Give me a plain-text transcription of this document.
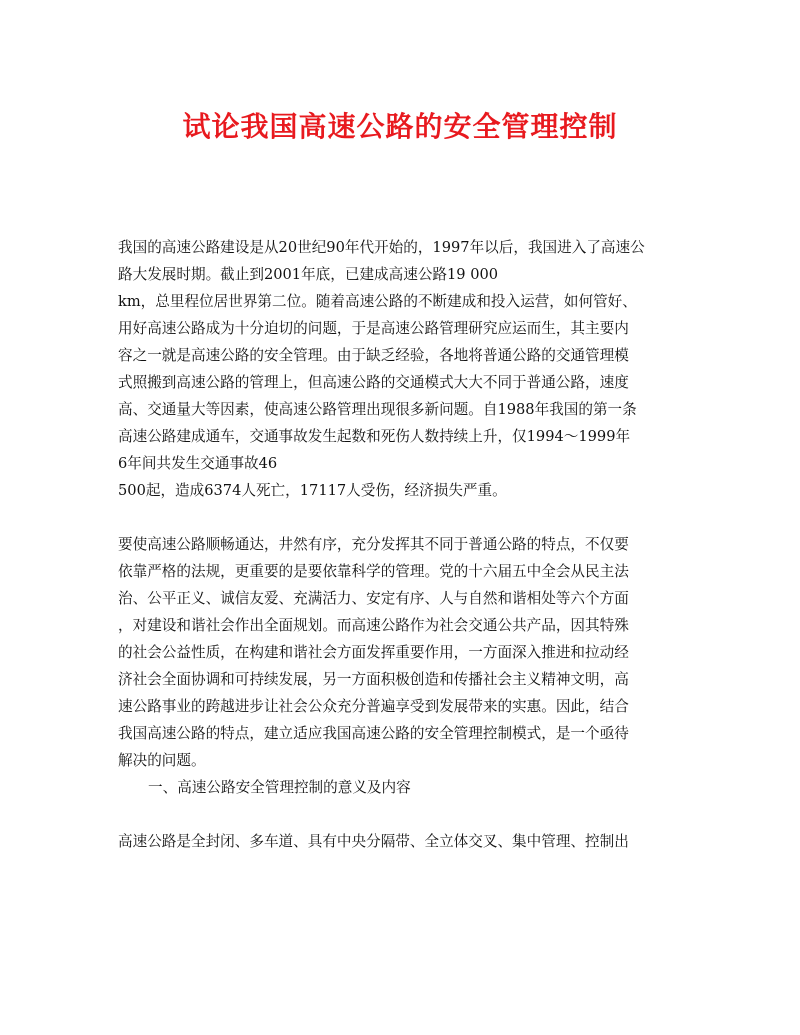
试论我国高速公路的安全管理控制
我国的高速公路建设是从20世纪90年代开始的，1997年以后，我国进入了高速公
路大发展时期。截止到2001年底，已建成高速公路19 000
km，总里程位居世界第二位。随着高速公路的不断建成和投入运营，如何管好、
用好高速公路成为十分迫切的问题，于是高速公路管理研究应运而生，其主要内
容之一就是高速公路的安全管理。由于缺乏经验，各地将普通公路的交通管理模
式照搬到高速公路的管理上，但高速公路的交通模式大大不同于普通公路，速度
高、交通量大等因素，使高速公路管理出现很多新问题。自1988年我国的第一条
高速公路建成通车，交通事故发生起数和死伤人数持续上升，仅1994～1999年
6年间共发生交通事故46
500起，造成6374人死亡，17117人受伤，经济损失严重。
要使高速公路顺畅通达，井然有序，充分发挥其不同于普通公路的特点，不仅要
依靠严格的法规，更重要的是要依靠科学的管理。党的十六届五中全会从民主法
治、公平正义、诚信友爱、充满活力、安定有序、人与自然和谐相处等六个方面
，对建设和谐社会作出全面规划。而高速公路作为社会交通公共产品，因其特殊
的社会公益性质，在构建和谐社会方面发挥重要作用，一方面深入推进和拉动经
济社会全面协调和可持续发展，另一方面积极创造和传播社会主义精神文明，高
速公路事业的跨越进步让社会公众充分普遍享受到发展带来的实惠。因此，结合
我国高速公路的特点，建立适应我国高速公路的安全管理控制模式，是一个亟待
解决的问题。
一、高速公路安全管理控制的意义及内容
高速公路是全封闭、多车道、具有中央分隔带、全立体交叉、集中管理、控制出
